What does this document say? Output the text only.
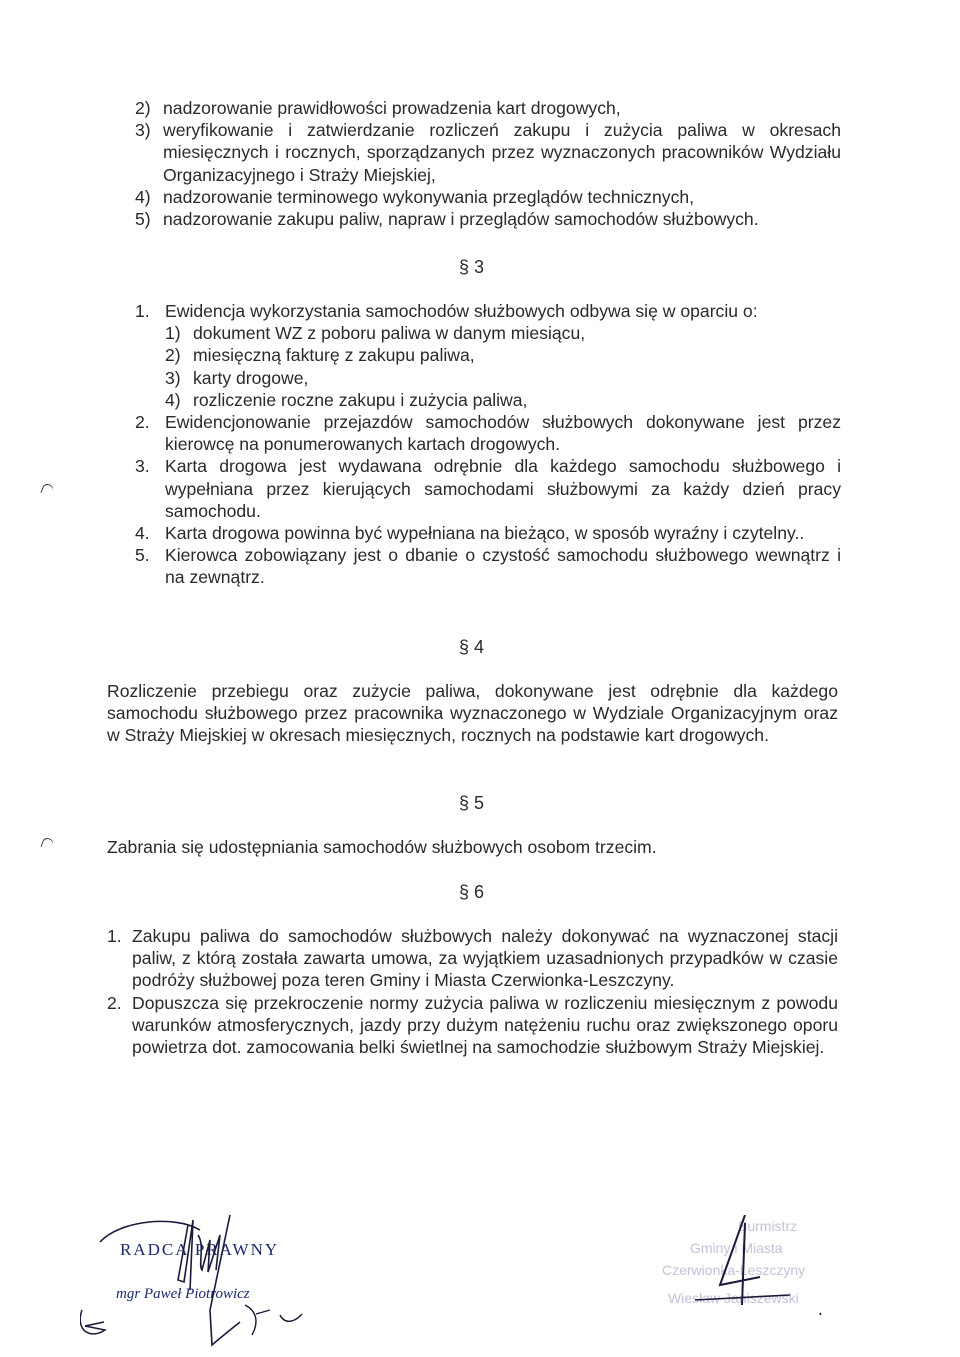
2) nadzorowanie prawidłowości prowadzenia kart drogowych,
3) weryfikowanie i zatwierdzanie rozliczeń zakupu i zużycia paliwa w okresach miesięcznych i rocznych, sporządzanych przez wyznaczonych pracowników Wydziału Organizacyjnego i Straży Miejskiej,
4) nadzorowanie terminowego wykonywania przeglądów technicznych,
5) nadzorowanie zakupu paliw, napraw i przeglądów samochodów służbowych.
§ 3
1. Ewidencja wykorzystania samochodów służbowych odbywa się w oparciu o:
1) dokument WZ z poboru paliwa w danym miesiącu,
2) miesięczną fakturę z zakupu paliwa,
3) karty drogowe,
4) rozliczenie roczne zakupu i zużycia paliwa,
2. Ewidencjonowanie przejazdów samochodów służbowych dokonywane jest przez kierowcę na ponumerowanych kartach drogowych.
3. Karta drogowa jest wydawana odrębnie dla każdego samochodu służbowego i wypełniana przez kierujących samochodami służbowymi za każdy dzień pracy samochodu.
4. Karta drogowa powinna być wypełniana na bieżąco, w sposób wyraźny i czytelny..
5. Kierowca zobowiązany jest o dbanie o czystość samochodu służbowego wewnątrz i na zewnątrz.
§ 4
Rozliczenie przebiegu oraz zużycie paliwa, dokonywane jest odrębnie dla każdego samochodu służbowego przez pracownika wyznaczonego w Wydziale Organizacyjnym oraz w Straży Miejskiej w okresach miesięcznych, rocznych na podstawie kart drogowych.
§ 5
Zabrania się udostępniania samochodów służbowych osobom trzecim.
§ 6
1. Zakupu paliwa do samochodów służbowych należy dokonywać na wyznaczonej stacji paliw, z którą została zawarta umowa, za wyjątkiem uzasadnionych przypadków w czasie podróży służbowej poza teren Gminy i Miasta Czerwionka-Leszczyny.
2. Dopuszcza się przekroczenie normy zużycia paliwa w rozliczeniu miesięcznym z powodu warunków atmosferycznych, jazdy przy dużym natężeniu ruchu oraz zwiększonego oporu powietrza dot. zamocowania belki świetlnej na samochodzie służbowym Straży Miejskiej.
RADCA PRAWNY
mgr Paweł Piotrowicz
Burmistrz
Gminy i Miasta
Czerwionka-Leszczyny
Wiesław Janiszewski
